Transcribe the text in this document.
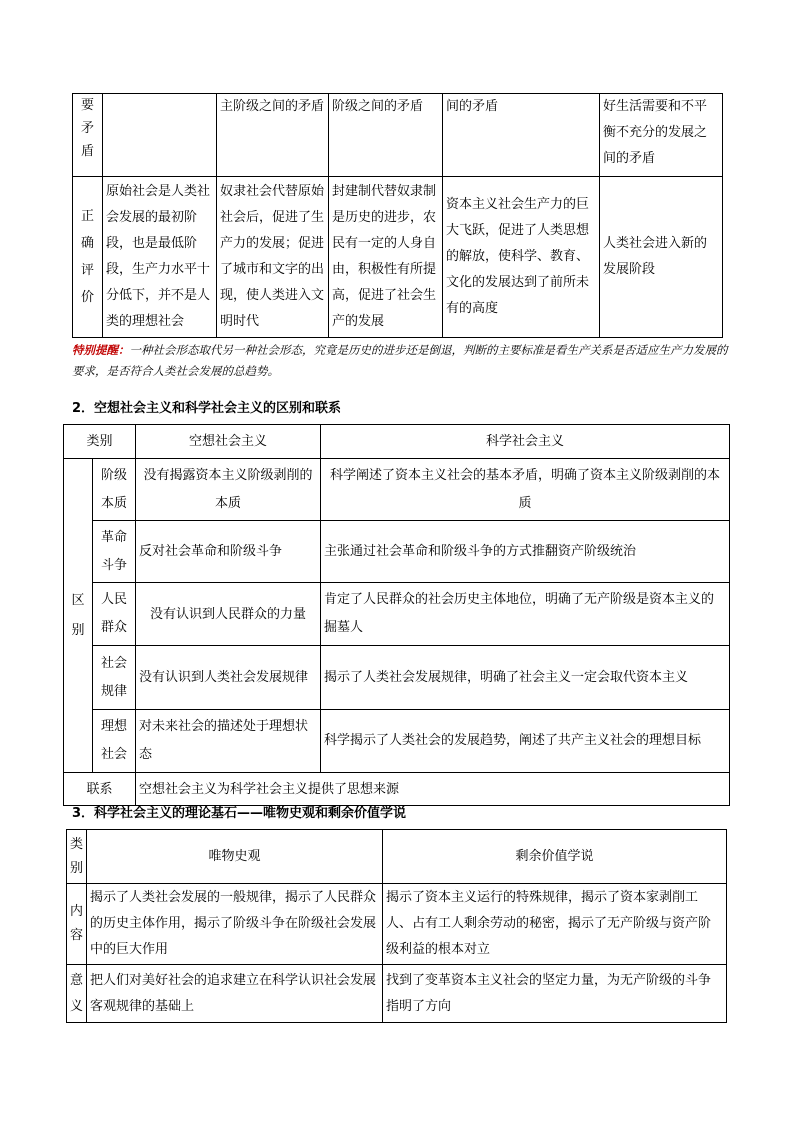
要矛盾		主阶级之间的矛盾	阶级之间的矛盾	间的矛盾	好生活需要和不平衡不充分的发展之间的矛盾
正确评价	原始社会是人类社会发展的最初阶段，也是最低阶段，生产力水平十分低下，并不是人类的理想社会	奴隶社会代替原始社会后，促进了生产力的发展；促进了城市和文字的出现，使人类进入文明时代	封建制代替奴隶制是历史的进步，农民有一定的人身自由，积极性有所提高，促进了社会生产的发展	资本主义社会生产力的巨大飞跃，促进了人类思想的解放，使科学、教育、文化的发展达到了前所未有的高度	人类社会进入新的发展阶段
特别提醒：一种社会形态取代另一种社会形态，究竟是历史的进步还是倒退，判断的主要标准是看生产关系是否适应生产力发展的要求，是否符合人类社会发展的总趋势。
2．空想社会主义和科学社会主义的区别和联系
类别		空想社会主义	科学社会主义
区别	阶级本质	没有揭露资本主义阶级剥削的本质	科学阐述了资本主义社会的基本矛盾，明确了资本主义阶级剥削的本质
	革命斗争	反对社会革命和阶级斗争	主张通过社会革命和阶级斗争的方式推翻资产阶级统治
	人民群众	没有认识到人民群众的力量	肯定了人民群众的社会历史主体地位，明确了无产阶级是资本主义的掘墓人
	社会规律	没有认识到人类社会发展规律	揭示了人类社会发展规律，明确了社会主义一定会取代资本主义
	理想社会	对未来社会的描述处于理想状态	科学揭示了人类社会的发展趋势，阐述了共产主义社会的理想目标
联系		空想社会主义为科学社会主义提供了思想来源	
3．科学社会主义的理论基石——唯物史观和剩余价值学说
类别	唯物史观	剩余价值学说
内容	揭示了人类社会发展的一般规律，揭示了人民群众的历史主体作用，揭示了阶级斗争在阶级社会发展中的巨大作用	揭示了资本主义运行的特殊规律，揭示了资本家剥削工人、占有工人剩余劳动的秘密，揭示了无产阶级与资产阶级利益的根本对立
意义	把人们对美好社会的追求建立在科学认识社会发展客观规律的基础上	找到了变革资本主义社会的坚定力量，为无产阶级的斗争指明了方向
